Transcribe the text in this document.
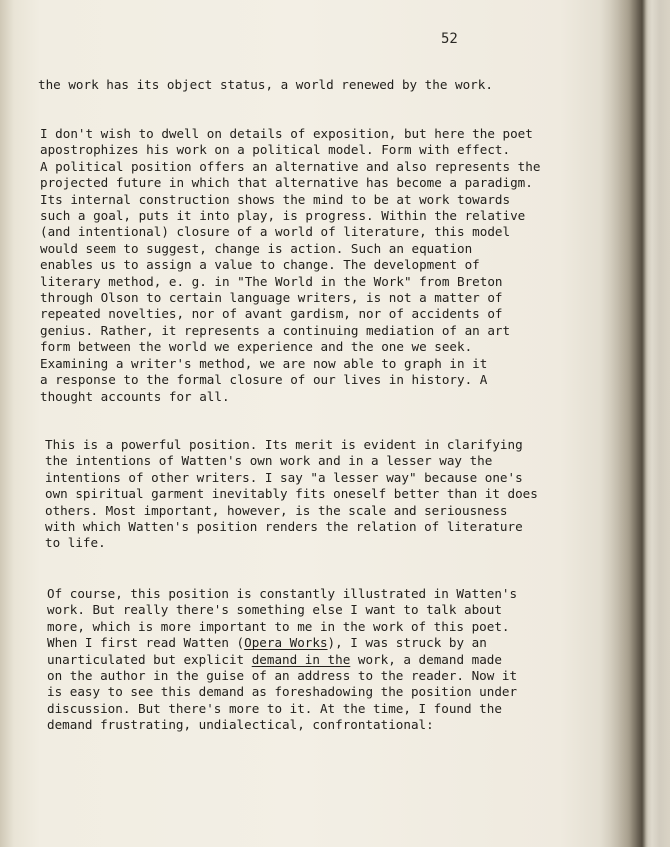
52

the work has its object status, a world renewed by the work.

I don't wish to dwell on details of exposition, but here the poet
apostrophizes his work on a political model. Form with effect.
A political position offers an alternative and also represents the
projected future in which that alternative has become a paradigm.
Its internal construction shows the mind to be at work towards
such a goal, puts it into play, is progress. Within the relative
(and intentional) closure of a world of literature, this model
would seem to suggest, change is action. Such an equation
enables us to assign a value to change. The development of
literary method, e. g. in "The World in the Work" from Breton
through Olson to certain language writers, is not a matter of
repeated novelties, nor of avant gardism, nor of accidents of
genius. Rather, it represents a continuing mediation of an art
form between the world we experience and the one we seek.
Examining a writer's method, we are now able to graph in it
a response to the formal closure of our lives in history. A
thought accounts for all.

This is a powerful position. Its merit is evident in clarifying
the intentions of Watten's own work and in a lesser way the
intentions of other writers. I say "a lesser way" because one's
own spiritual garment inevitably fits oneself better than it does
others. Most important, however, is the scale and seriousness
with which Watten's position renders the relation of literature
to life.

Of course, this position is constantly illustrated in Watten's
work. But really there's something else I want to talk about
more, which is more important to me in the work of this poet.
When I first read Watten (Opera Works), I was struck by an
unarticulated but explicit demand in the work, a demand made
on the author in the guise of an address to the reader. Now it
is easy to see this demand as foreshadowing the position under
discussion. But there's more to it. At the time, I found the
demand frustrating, undialectical, confrontational:
